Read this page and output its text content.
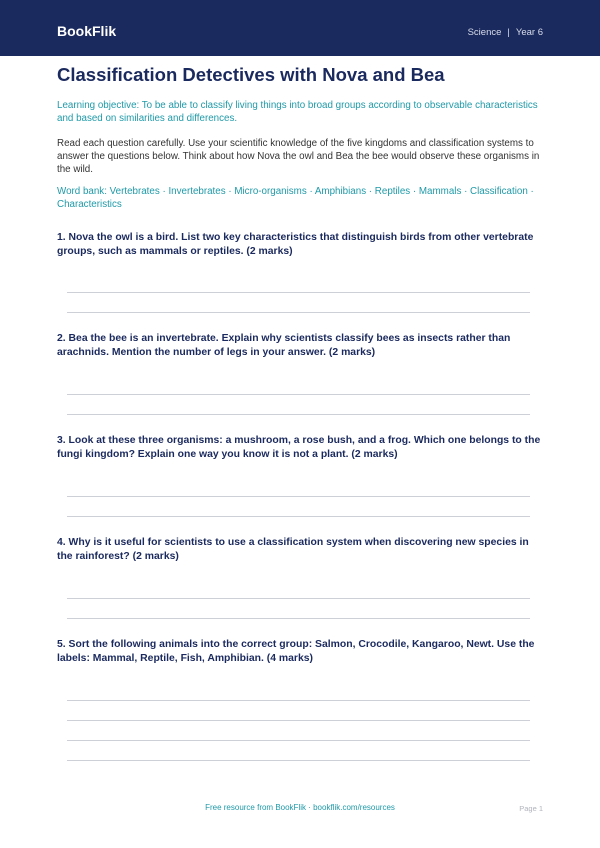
BookFlik	Science | Year 6
Classification Detectives with Nova and Bea
Learning objective: To be able to classify living things into broad groups according to observable characteristics and based on similarities and differences.
Read each question carefully. Use your scientific knowledge of the five kingdoms and classification systems to answer the questions below. Think about how Nova the owl and Bea the bee would observe these organisms in the wild.
Word bank: Vertebrates · Invertebrates · Micro-organisms · Amphibians · Reptiles · Mammals · Classification · Characteristics
1. Nova the owl is a bird. List two key characteristics that distinguish birds from other vertebrate groups, such as mammals or reptiles. (2 marks)
2. Bea the bee is an invertebrate. Explain why scientists classify bees as insects rather than arachnids. Mention the number of legs in your answer. (2 marks)
3. Look at these three organisms: a mushroom, a rose bush, and a frog. Which one belongs to the fungi kingdom? Explain one way you know it is not a plant. (2 marks)
4. Why is it useful for scientists to use a classification system when discovering new species in the rainforest? (2 marks)
5. Sort the following animals into the correct group: Salmon, Crocodile, Kangaroo, Newt. Use the labels: Mammal, Reptile, Fish, Amphibian. (4 marks)
Free resource from BookFlik · bookflik.com/resources	Page 1
